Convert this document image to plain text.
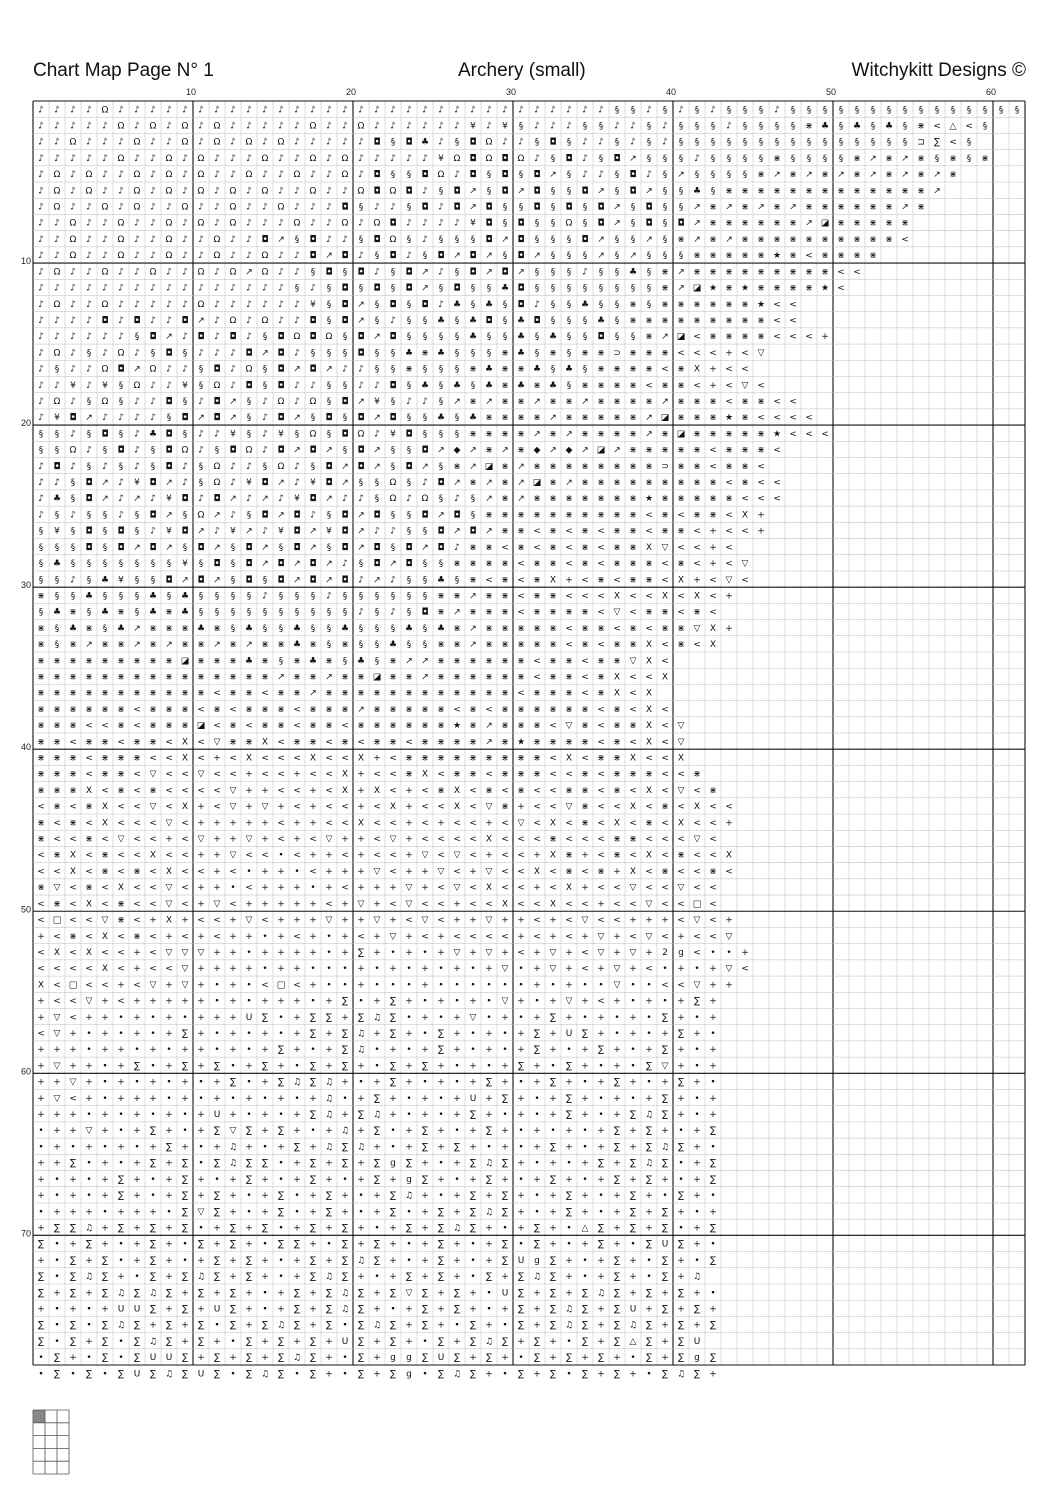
Chart Map Page N° 1	Archery (small)	Witchykitt Designs ©
♪ ♪ ♪ ♪ Ω ♪ ♪ ♪ ♪ ♪ ♪ ♪ ♪ ♪ ♪ ♪ ♪ ♪ ♪ ♪ ♪ ♪ ♪ ♪ ♪ ♪ ♪ ♪ ♪ ♪ ♪ ♪ ♪ ♪ ♪ ♪ § § ♪ § ♪ § ♪ § § § ♪ § § § § § § § § § § § § § § §
♪ ♪ ♪ ♪ ♪ Ω ♪ Ω ♪ Ω ♪ Ω ♪ ♪ ♪ ♪ ♪ Ω ♪ ♪ Ω ♪ ♪ ♪ ♪ ♪ ♪ ¥ ♪ ¥ § ♪ ♪ ♪ § § ♪ ♪ § ♪ § § § ♪ § § § § ⋇ ♣ § ♣ § ♣ § ⋇ < △ < §
♪ ♪ Ω ♪ ♪ ♪ Ω ♪ ♪ Ω ♪ Ω ♪ Ω ♪ Ω ♪ ♪ ♪ ♪ ♪ ◘ § ◘ ♣ ♪ § ◘ Ω ♪ ♪ § ◘ § ♪ ♪ § ♪ § ♪ § § § § § § § § § § § § § § § ⊐ ∑ < §
♪ ♪ ♪ ♪ ♪ Ω ♪ ♪ Ω ♪ Ω ♪ ♪ ♪ Ω ♪ ♪ Ω ♪ Ω ♪ ♪ ♪ ♪ ♪ ¥ Ω ◘ Ω ◘ Ω ♪ § ◘ ♪ § ◘ ↗ § § § ♪ § § § § ⋇ § § § § ⋇ ↗ ⋇ ↗ ⋇ § ⋇ § ⋇
♪ Ω ♪ Ω ♪ ♪ Ω ♪ Ω ♪ Ω ♪ ♪ Ω ♪ ♪ Ω ♪ ♪ Ω ♪ ◘ § § ◘ Ω ♪ ◘ § ◘ § ◘ ↗ § ♪ ♪ § ◘ ♪ § ↗ § § § § ⋇ ↗ ⋇ ↗ ⋇ ↗ ⋇ ↗ ⋇ ↗ ⋇ ↗ ⋇
♪ Ω ♪ Ω ♪ ♪ Ω ♪ Ω ♪ Ω ♪ Ω ♪ Ω ♪ ♪ Ω ♪ ♪ Ω ◘ Ω ◘ ♪ § ◘ ↗ § ◘ ↗ ◘ § § ◘ ↗ § ◘ ↗ § § ♣ § ⋇ ⋇ ⋇ ⋇ ⋇ ⋇ ⋇ ⋇ ⋇ ⋇ ⋇ ⋇ ⋇ ↗
♪ Ω ♪ ♪ Ω ♪ Ω ♪ ♪ Ω ♪ ♪ Ω ♪ ♪ Ω ♪ ♪ ♪ ◘ § ♪ ♪ § ◘ ♪ ◘ ↗ ◘ § § ◘ § ◘ § ◘ ↗ § ◘ § § ↗ ⋇ ↗ ⋇ ↗ ⋇ ↗ ⋇ ⋇ ⋇ ⋇ ⋇ ⋇ ↗ ⋇
♪ ♪ Ω ♪ ♪ Ω ♪ ♪ Ω ♪ Ω ♪ Ω ♪ ♪ ♪ Ω ♪ ♪ Ω ♪ Ω ◘ ♪ ♪ ♪ ♪ ¥ ◘ § ◘ § § Ω § ◘ ↗ § ◘ § ◘ ↗ ⋇ ⋇ ⋇ ⋇ ⋇ ⋇ ↗ ◪ ⋇ ⋇ ⋇ ⋇ ⋇
♪ ♪ Ω ♪ ♪ Ω ♪ ♪ Ω ♪ ♪ Ω ♪ ♪ ◘ ↗ § ◘ ♪ ♪ § ◘ Ω § ♪ § § § ◘ ↗ ◘ § § § ◘ ↗ § § ↗ § ⋇ ↗ ⋇ ↗ ⋇ ⋇ ⋇ ⋇ ⋇ ⋇ ⋇ ⋇ ⋇ ⋇ <
♪ ♪ Ω ♪ ♪ Ω ♪ ♪ Ω ♪ ♪ Ω ♪ ♪ Ω ♪ ♪ ◘ ↗ ◘ ♪ § ◘ ♪ § ◘ ↗ ◘ ↗ § ◘ ↗ § § § ↗ § ↗ § § § ⋇ ⋇ ⋇ ⋇ ⋇ ★ ⋇ < ⋇ ⋇ ⋇ ⋇
♪ Ω ♪ ♪ Ω ♪ ♪ Ω ♪ ♪ Ω ♪ Ω ↗ Ω ♪ ♪ § ◘ § ◘ ♪ § ◘ ↗ ♪ § ◘ ↗ ◘ ↗ § § § ♪ § § ♣ § ⋇ ↗ ⋇ ⋇ ⋇ ⋇ ⋇ ⋇ ⋇ ⋇ ⋇ < <
♪ ♪ ♪ ♪ ♪ ♪ ♪ ♪ ♪ ♪ ♪ ♪ ♪ ♪ ♪ ♪ § ♪ § ◘ § ◘ § ◘ ↗ § ◘ § § ♣ ◘ § § § § § § § § ⋇ ↗ ◪ ★ ⋇ ★ ⋇ ⋇ ⋇ ⋇ ★ <
♪ Ω ♪ ♪ Ω ♪ ♪ ♪ ♪ ♪ Ω ♪ ♪ ♪ ♪ ♪ ♪ ¥ § ◘ ↗ § ◘ § ◘ ♪ ♣ § ♣ § ◘ ♪ § § ♣ § § ⋇ § ⋇ ⋇ ⋇ ⋇ ⋇ ⋇ ★ < <
♪ ♪ ♪ ♪ ◘ ♪ ◘ ♪ ♪ ◘ ↗ ♪ Ω ♪ Ω ♪ ♪ ◘ § ◘ ↗ § ♪ § § ♣ § ♣ ◘ § ♣ ◘ § § § ♣ § ⋇ ⋇ ⋇ ⋇ ⋇ ⋇ ⋇ ⋇ ⋇ < <
♪ ♪ ♪ ♪ ♪ ♪ § ◘ ↗ ♪ ◘ ♪ ◘ ♪ § ◘ Ω ◘ Ω § ◘ ↗ ◘ § § § § ♣ § § ♣ § ♣ § § ◘ § § ⋇ ↗ ◪ < ⋇ ⋇ ⋇ ⋇ < < < +
♪ Ω ♪ § ♪ Ω ♪ § ◘ § ♪ ♪ ♪ ◘ ↗ ◘ ♪ § § § ◘ § § ♣ ⋇ ♣ § § § ⋇ ♣ § ⋇ § ⋇ ⋇ ⊃ ⋇ ⋇ ⋇ < < < + < ▽
♪ § ♪ ♪ Ω ◘ ↗ Ω ♪ ♪ § ◘ ♪ Ω § ◘ ↗ ◘ ↗ ♪ ♪ § § ⋇ § § § ⋇ ♣ ⋇ ⋇ ♣ § ♣ § ⋇ ⋇ ⋇ ⋇ < ⋇ X + < <
♪ ♪ ¥ ♪ ¥ § Ω ♪ ♪ ¥ § Ω ♪ ◘ § ◘ ♪ ♪ § § ♪ ♪ ◘ § ♣ § ♣ § ♣ ⋇ ♣ ⋇ ♣ § ⋇ ⋇ ⋇ ⋇ < ⋇ ⋇ < + < ▽ <
♪ Ω ♪ § Ω § ♪ ♪ ◘ § ♪ ◘ ↗ § ♪ Ω ♪ Ω § ◘ ↗ ¥ § ♪ ♪ § ↗ ⋇ ↗ ⋇ ⋇ ↗ ⋇ ⋇ ↗ ⋇ ⋇ ⋇ ⋇ ↗ ⋇ ⋇ ⋇ < ⋇ ⋇ < <
♪ ¥ ◘ ↗ ♪ ♪ ♪ ♪ § ◘ ↗ ◘ ↗ § ♪ ◘ ↗ § ◘ § ◘ ↗ ◘ § § ♣ § ♣ ⋇ ⋇ ⋇ ⋇ ↗ ⋇ ⋇ ⋇ ⋇ ⋇ ↗ ◪ ⋇ ⋇ ⋇ ★ ⋇ < < < <
§ § ♪ § ◘ § ♪ ♣ ◘ § ♪ ♪ ¥ § ♪ ¥ § Ω § ◘ Ω ♪ ¥ ◘ § § § ⋇ ⋇ ⋇ ⋇ ↗ ⋇ ↗ ⋇ ⋇ ⋇ ⋇ ↗ ⋇ ◪ ⋇ ⋇ ⋇ ⋇ ⋇ ★ < < <
§ § Ω ♪ § ◘ ♪ § ◘ Ω ♪ § ◘ Ω ♪ ◘ ↗ ◘ ↗ § ◘ ↗ § § ◘ ↗ ◆ ↗ ⋇ ↗ ⋇ ◆ ↗ ◆ ↗ ◪ ↗ ⋇ ⋇ ⋇ ⋇ ⋇ < ⋇ ⋇ ⋇ <
♪ ◘ ♪ § ♪ § ♪ § ◘ ♪ § Ω ♪ ♪ § Ω ♪ § ◘ ↗ ◘ ↗ § ◘ ↗ § ⋇ ↗ ◪ ⋇ ↗ ⋇ ⋇ ⋇ ⋇ ⋇ ⋇ ⋇ ⋇ ⊃ ⋇ ⋇ < ⋇ ⋇ <
♪ ♪ § ◘ ↗ ♪ ¥ ◘ ↗ ♪ § Ω ♪ ¥ ◘ ↗ ♪ ¥ ◘ ↗ § § Ω § ♪ ◘ ↗ ⋇ ↗ ⋇ ↗ ◪ ⋇ ↗ ⋇ ⋇ ⋇ ⋇ ⋇ ⋇ ⋇ ⋇ ⋇ < ⋇ < <
♪ ♣ § ◘ ↗ ♪ ↗ ♪ ¥ ◘ ♪ ◘ ↗ ♪ ↗ ♪ ¥ ◘ ↗ ♪ ♪ § Ω ♪ Ω § ♪ § ↗ ⋇ ↗ ⋇ ⋇ ⋇ ⋇ ⋇ ⋇ ⋇ ★ ⋇ ⋇ ⋇ ⋇ ⋇ < < <
♪ § ♪ § § ♪ § ◘ ↗ § Ω ↗ ♪ § ◘ ↗ ◘ ♪ § ◘ ↗ ◘ § § ◘ ↗ ◘ § ⋇ ⋇ ⋇ ⋇ ⋇ ⋇ ⋇ ⋇ ⋇ ⋇ < ⋇ < ⋇ ⋇ < X +
§ ¥ § ◘ § ◘ § ♪ ¥ ◘ ↗ ♪ ¥ ↗ ♪ ¥ ◘ ↗ ¥ ◘ ↗ ♪ ♪ § § ◘ ↗ ◘ ↗ ⋇ ⋇ < ⋇ < ⋇ < ⋇ ⋇ < ⋇ ⋇ < + < < +
§ § § ◘ § ◘ ↗ ◘ ↗ § ◘ ↗ § ◘ ↗ § ◘ ↗ § ◘ ↗ ◘ § ◘ ↗ ◘ ♪ ⋇ ⋇ < ⋇ < ⋇ < ⋇ < ⋇ ⋇ X ▽ < < + <
§ ♣ § § § § § § § ¥ § ◘ § ◘ ↗ ◘ ↗ ◘ ↗ ♪ § ◘ ↗ ◘ § § ⋇ ⋇ ⋇ ⋇ < ⋇ ⋇ < ⋇ < ⋇ ⋇ ⋇ < ⋇ < + < ▽
§ § ♪ § ♣ ¥ § § ◘ ↗ ◘ ↗ § ◘ § ◘ ↗ ◘ ↗ ◘ ♪ ↗ ♪ § § ♣ § ⋇ < ⋇ < ⋇ X + < ⋇ < ⋇ ⋇ < X + < ▽ <
⋇ § § ♣ § § § ♣ § ♣ § § § § ♪ § § § ♪ § § § § § § ⋇ ⋇ ↗ ⋇ ⋇ < ⋇ ⋇ < < < X < < X < X < +
§ ♣ ⋇ § ♣ ⋇ § ♣ ⋇ ♣ § § § § § § § § § § ♪ § ♪ § ◘ ⋇ ↗ ⋇ ⋇ ⋇ < ⋇ ⋇ ⋇ ⋇ < ▽ < ⋇ ⋇ < ⋇ <
⋇ § ♣ ⋇ § ♣ ↗ ⋇ ⋇ ⋇ ♣ ⋇ § ♣ § § ♣ § § ♣ § § § ♣ § ♣ ⋇ ↗ ⋇ ⋇ ⋇ ⋇ ⋇ < ⋇ ⋇ < ⋇ < ⋇ ⋇ ▽ X +
⋇ § ⋇ ↗ ⋇ ⋇ ↗ ⋇ ↗ ⋇ ⋇ ↗ ⋇ ↗ ⋇ ⋇ ♣ ⋇ § ⋇ § § ♣ § § ⋇ ⋇ ↗ ⋇ ⋇ ⋇ ⋇ ⋇ < ⋇ < ⋇ ⋇ X < ⋇ < X
⋇ ⋇ ⋇ ⋇ ⋇ ⋇ ⋇ ⋇ ⋇ ◪ ⋇ ⋇ ⋇ ♣ ⋇ § ⋇ ♣ ⋇ § ♣ § ⋇ ↗ ↗ ⋇ ⋇ ⋇ ⋇ ⋇ ⋇ < ⋇ ⋇ < ⋇ ⋇ ▽ X <
⋇ ⋇ ⋇ ⋇ ⋇ ⋇ ⋇ ⋇ ⋇ ⋇ ⋇ ⋇ ⋇ ⋇ ⋇ ↗ ⋇ ⋇ ↗ ⋇ ⋇ ◪ ⋇ ⋇ ↗ ⋇ ⋇ ⋇ ⋇ ⋇ ⋇ < ⋇ ⋇ < ⋇ X < < X
⋇ ⋇ ⋇ ⋇ ⋇ ⋇ ⋇ ⋇ ⋇ ⋇ ⋇ < ⋇ ⋇ < ⋇ ⋇ ↗ ⋇ ⋇ ⋇ ⋇ ⋇ ⋇ ⋇ ⋇ ⋇ ⋇ ⋇ ⋇ < ⋇ ⋇ ⋇ < ⋇ X < X
⋇ ⋇ ⋇ ⋇ ⋇ ⋇ < ⋇ ⋇ ⋇ < ⋇ < ⋇ ⋇ ⋇ < ⋇ ⋇ ⋇ ↗ ⋇ ⋇ ⋇ ⋇ ⋇ < ⋇ < ⋇ ⋇ ⋇ ⋇ ⋇ ⋇ < ⋇ < X <
⋇ ⋇ ⋇ < < ⋇ < ⋇ ⋇ ⋇ ◪ < ⋇ < ⋇ ⋇ < ⋇ ⋇ < ⋇ ⋇ ⋇ ⋇ ⋇ ⋇ ★ ⋇ ↗ ⋇ ⋇ ⋇ < ▽ ⋇ < ⋇ ⋇ X < ▽
⋇ ⋇ < ⋇ ⋇ < ⋇ ⋇ < X < ▽ ⋇ ⋇ X < ⋇ ⋇ < ⋇ < ⋇ ⋇ < ⋇ ⋇ ⋇ ⋇ ↗ ⋇ ★ ⋇ ⋇ ⋇ ⋇ < ⋇ < X < ▽
⋇ ⋇ ⋇ < ⋇ ⋇ ⋇ < < X < + < X < < < X < < X + < ⋇ ⋇ ⋇ ⋇ ⋇ ⋇ ⋇ ⋇ ⋇ < X < ⋇ ⋇ X < < X
⋇ ⋇ ⋇ < ⋇ ⋇ < ▽ < < ▽ < < + < < + < < X + < < ⋇ X < ⋇ ⋇ < ⋇ ⋇ ⋇ < < ⋇ < ⋇ ⋇ ⋇ < < ⋇
⋇ ⋇ ⋇ X < ⋇ < ⋇ < < < < ▽ + + < < + < X + X < + < ⋇ X < ⋇ < ⋇ < < ⋇ ⋇ < ⋇ < X < ▽ < ⋇
< ⋇ < ⋇ X < < ▽ < X + < ▽ + ▽ + < + < < + < X + < < X < ▽ ⋇ + < < ▽ ⋇ < < X < ⋇ < X < <
⋇ < ⋇ < X < < < ▽ < + + + + + < + + < < X < < + < + < < + < ▽ < X < ⋇ < X < ⋇ < X < < +
⋇ < < ⋇ < ▽ < < + < ▽ + + ▽ + < + < ▽ + + < ▽ + < < < < X < < < ⋇ < < < ⋇ ⋇ < < < ▽ <
< ⋇ X < ⋇ < < X < < + + ▽ < < • < + + < + < < + ▽ < ▽ < + < < + X ⋇ + < ⋇ < X < ⋇ < < X
< < X < ⋇ < ⋇ < X < < + < • + + • < + + + ▽ < + + ▽ < + ▽ < < X < ⋇ < ⋇ + X < ⋇ < < ⋇ <
⋇ ▽ < ⋇ < X < < ▽ < + + • < + + + • + < + + + ▽ + < ▽ < X < < + < X + < < ▽ < < ▽ < <
< ⋇ < X < ⋇ < < ▽ < + ▽ < + + + + + < + ▽ + < ▽ < < + < < X < < X < < + < < ▽ < < □ <
< □ < < ▽ ⋇ < + X + < < + ▽ < + + + ▽ + + ▽ + < ▽ < + + ▽ + + < + < ▽ < < + + + < ▽ < +
+ < ⋇ < X < ⋇ < + < + < + + • + < + • + < + ▽ + < + < < < < + < + < + ▽ + < ▽ < + < < ▽
< X < X < < + < ▽ ▽ ▽ + + • + + + + • + ∑ + • + • + ▽ + ▽ + < + ▽ + < ▽ + ▽ + 2 g < • • +
< < < < X < + < < ▽ + + + + • + + • • • + • + • + • + • + ▽ • + ▽ + < + ▽ + < • + • + ▽ <
X < □ < < + < ▽ + ▽ + • + • < □ < + • • + • • • + • • • • • • + • + • • ▽ • • < < ▽ + +
+ < < ▽ + < + + + + + • + • + + + • + ∑ • + ∑ + • + • + • ▽ + • + ▽ + < + • + • + ∑ +
+ ▽ < + + • + • + • + + + U ∑ • + ∑ ∑ + ∑ ♫ ∑ • + • + ▽ • + • + ∑ + • + • + • ∑ + • +
< ▽ + • + • + • + ∑ + • + • + • + ∑ + ∑ ♫ + ∑ + • ∑ + • + • + ∑ + U ∑ + • + • + ∑ + •
+ + + • + + • + • + + • + • + ∑ + • + ∑ ♫ • + • + ∑ + • + • + ∑ + • + ∑ + • + ∑ + • +
+ ▽ + + • + ∑ • + ∑ + ∑ • + ∑ + • ∑ + ∑ + • ∑ + ∑ + • + • + ∑ + • ∑ + • + • ∑ ▽ + • +
+ + ▽ + • + • + • + • + ∑ • + ∑ ♫ ∑ ♫ + • + ∑ + • + • + ∑ + • + ∑ + • + ∑ + • + ∑ + •
+ ▽ < + • + + + • + • + • + • + • + ♫ • + ∑ + • + • + U + ∑ + • + ∑ + • + • + ∑ + • +
+ + + • + • + • + • + U + • + • + ∑ ♫ + ∑ ♫ + • + • + ∑ + • + • + ∑ + • + ∑ ♫ ∑ + • +
• + + ▽ + • + ∑ + • + ∑ ▽ ∑ + ∑ + • + ♫ + ∑ • + ∑ + • + ∑ + • + • + • + ∑ + ∑ + • + ∑
• + • + • + • + ∑ + • + ♫ + • + ∑ + ♫ ∑ ♫ + • + ∑ + ∑ + • + • + ∑ + • + ∑ + ∑ ♫ ∑ + •
+ + ∑ • + • + ∑ + ∑ • ∑ ♫ ∑ ∑ • + ∑ + ∑ + ∑ g ∑ + • + ∑ ♫ ∑ + • + • + ∑ + ∑ ♫ ∑ • + ∑
+ • + • + ∑ + • + ∑ + • + ∑ + • + ∑ + • + ∑ + g ∑ + • + ∑ + • + ∑ + • + ∑ + ∑ + • + ∑
+ • + • + ∑ + • + ∑ + ∑ + • + ∑ • + ∑ + • + ∑ ♫ + • + ∑ + ∑ + • + ∑ + • + ∑ + • ∑ + •
• + + + • + + + • ∑ ▽ ∑ + • + ∑ • + ∑ + • + ∑ • + ∑ + ∑ ♫ ∑ + • + ∑ + • + ∑ + ∑ + • +
+ ∑ ∑ ♫ + ∑ + ∑ + ∑ • + ∑ + ∑ • + ∑ + ∑ + • + ∑ + ∑ ♫ ∑ + • + ∑ + • △ ∑ + ∑ + ∑ • + ∑
∑ • + ∑ + • + ∑ + • ∑ + ∑ + • ∑ ∑ + • ∑ + ∑ + • + ∑ + • + ∑ • ∑ + • + ∑ + • ∑ U ∑ + •
+ • ∑ + ∑ • + ∑ + • + ∑ + ∑ + • + ∑ + ∑ ♫ ∑ + • + ∑ + • + ∑ U g ∑ + • + ∑ + • ∑ + • ∑
∑ • ∑ ♫ ∑ + • ∑ + ∑ ♫ ∑ + ∑ + • + ∑ ♫ ∑ + • + ∑ + ∑ + • ∑ + ∑ ♫ ∑ + • + ∑ + • ∑ + ♫
∑ + ∑ + ∑ ♫ ∑ ♫ ∑ + ∑ + ∑ + • + ∑ + ∑ ♫ ∑ + ∑ ▽ ∑ + ∑ + • U ∑ + ∑ + ∑ ♫ ∑ + ∑ + ∑ + •
+ • + • + U U ∑ + ∑ + U ∑ + • + ∑ + ∑ ♫ ∑ + • + ∑ + ∑ + • + ∑ + ∑ ♫ ∑ + ∑ U + ∑ + ∑ +
∑ • ∑ • ∑ ♫ ∑ + ∑ + ∑ • ∑ + ∑ ♫ ∑ + ∑ • ∑ ♫ ∑ + ∑ + • ∑ + • ∑ + ∑ ♫ ∑ + ∑ ♫ ∑ + ∑ + ∑
∑ • ∑ + ∑ • ∑ ♫ ∑ + ∑ + • ∑ + ∑ + ∑ + U ∑ + ∑ + • ∑ + ∑ ♫ ∑ + ∑ + • ∑ + ∑ △ ∑ + ∑ U
• ∑ + • ∑ • ∑ U U ∑ + ∑ + ∑ + ∑ ♫ ∑ + • ∑ + g g ∑ U ∑ + ∑ + • ∑ + ∑ + ∑ + • ∑ + ∑ g ∑
• ∑ • ∑ • ∑ U ∑ ♫ ∑ U ∑ • ∑ ♫ ∑ • ∑ + • ∑ + ∑ g • ∑ ♫ ∑ + • ∑ + ∑ • ∑ + ∑ + • ∑ ♫ ∑ +
10	20	30	40	50	60
10
20
30
40
50
60
70
